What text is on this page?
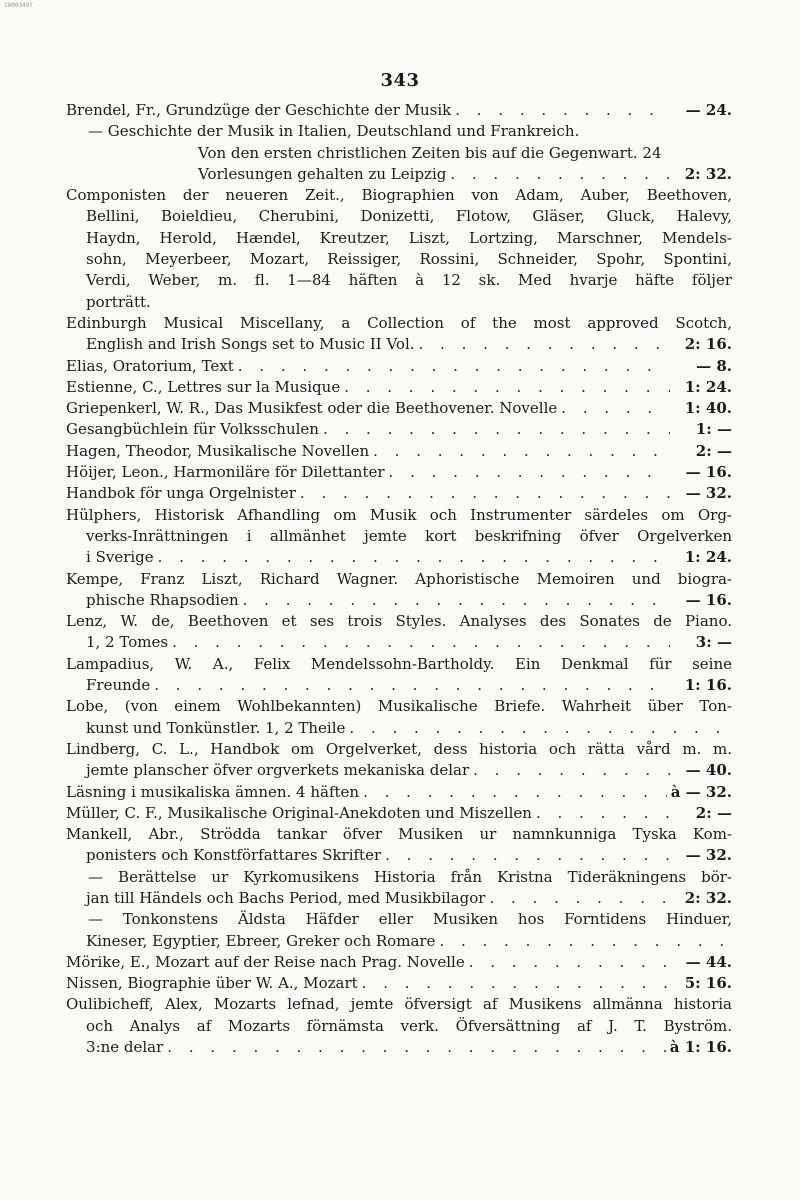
10003497
343
Brendel, Fr., Grundzüge der Geschichte der Musik . . .	— 24.
— Geschichte der Musik in Italien, Deutschland und Frankreich.
Von den ersten christlichen Zeiten bis auf die Gegenwart. 24
Vorlesungen gehalten zu Leipzig . . .	2: 32.
Componisten der neueren Zeit., Biographien von Adam, Auber, Beethoven,
Bellini, Boieldieu, Cherubini, Donizetti, Flotow, Gläser, Gluck, Halevy,
Haydn, Herold, Hændel, Kreutzer, Liszt, Lortzing, Marschner, Mendels-
sohn, Meyerbeer, Mozart, Reissiger, Rossini, Schneider, Spohr, Spontini,
Verdi, Weber, m. fl. 1—84 häften à 12 sk. Med hvarje häfte följer
porträtt.
Edinburgh Musical Miscellany, a Collection of the most approved Scotch,
English and Irish Songs set to Music II Vol. . . .	2: 16.
Elias, Oratorium, Text . . .	— 8.
Estienne, C., Lettres sur la Musique . . .	1: 24.
Griepenkerl, W. R., Das Musikfest oder die Beethovener. Novelle . . .	1: 40.
Gesangbüchlein für Volksschulen . . .	1: —
Hagen, Theodor, Musikalische Novellen . . .	2: —
Höijer, Leon., Harmoniläre för Dilettanter . . .	— 16.
Handbok för unga Orgelnister . . .	— 32.
Hülphers, Historisk Afhandling om Musik och Instrumenter särdeles om Org-
verks-Inrättningen i allmänhet jemte kort beskrifning öfver Orgelverken
i Sverige . . .	1: 24.
Kempe, Franz Liszt, Richard Wagner. Aphoristische Memoiren und biogra-
phische Rhapsodien . . .	— 16.
Lenz, W. de, Beethoven et ses trois Styles. Analyses des Sonates de Piano.
1, 2 Tomes . . .	3: —
Lampadius, W. A., Felix Mendelssohn-Bartholdy. Ein Denkmal für seine
Freunde . . .	1: 16.
Lobe, (von einem Wohlbekannten) Musikalische Briefe. Wahrheit über Ton-
kunst und Tonkünstler. 1, 2 Theile
. . .
Lindberg, C. L., Handbok om Orgelverket, dess historia och rätta vård m. m.
jemte planscher öfver orgverkets mekaniska delar . . .	— 40.
Läsning i musikaliska ämnen. 4 häften . . .	à — 32.
Müller, C. F., Musikalische Original-Anekdoten und Miszellen . . .	2: —
Mankell, Abr., Strödda tankar öfver Musiken ur namnkunniga Tyska Kom-
ponisters och Konstförfattares Skrifter . . .	— 32.
— Berättelse ur Kyrkomusikens Historia från Kristna Tideräkningens bör-
jan till Händels och Bachs Period, med Musikbilagor . . .	2: 32.
— Tonkonstens Äldsta Häfder eller Musiken hos Forntidens Hinduer,
Kineser, Egyptier, Ebreer, Greker och Romare
. . .
Mörike, E., Mozart auf der Reise nach Prag. Novelle . . .	— 44.
Nissen, Biographie über W. A., Mozart . . .	5: 16.
Oulibicheff, Alex, Mozarts lefnad, jemte öfversigt af Musikens allmänna historia
och Analys af Mozarts förnämsta verk. Öfversättning af J. T. Byström.
3:ne delar . . .	à 1: 16.
